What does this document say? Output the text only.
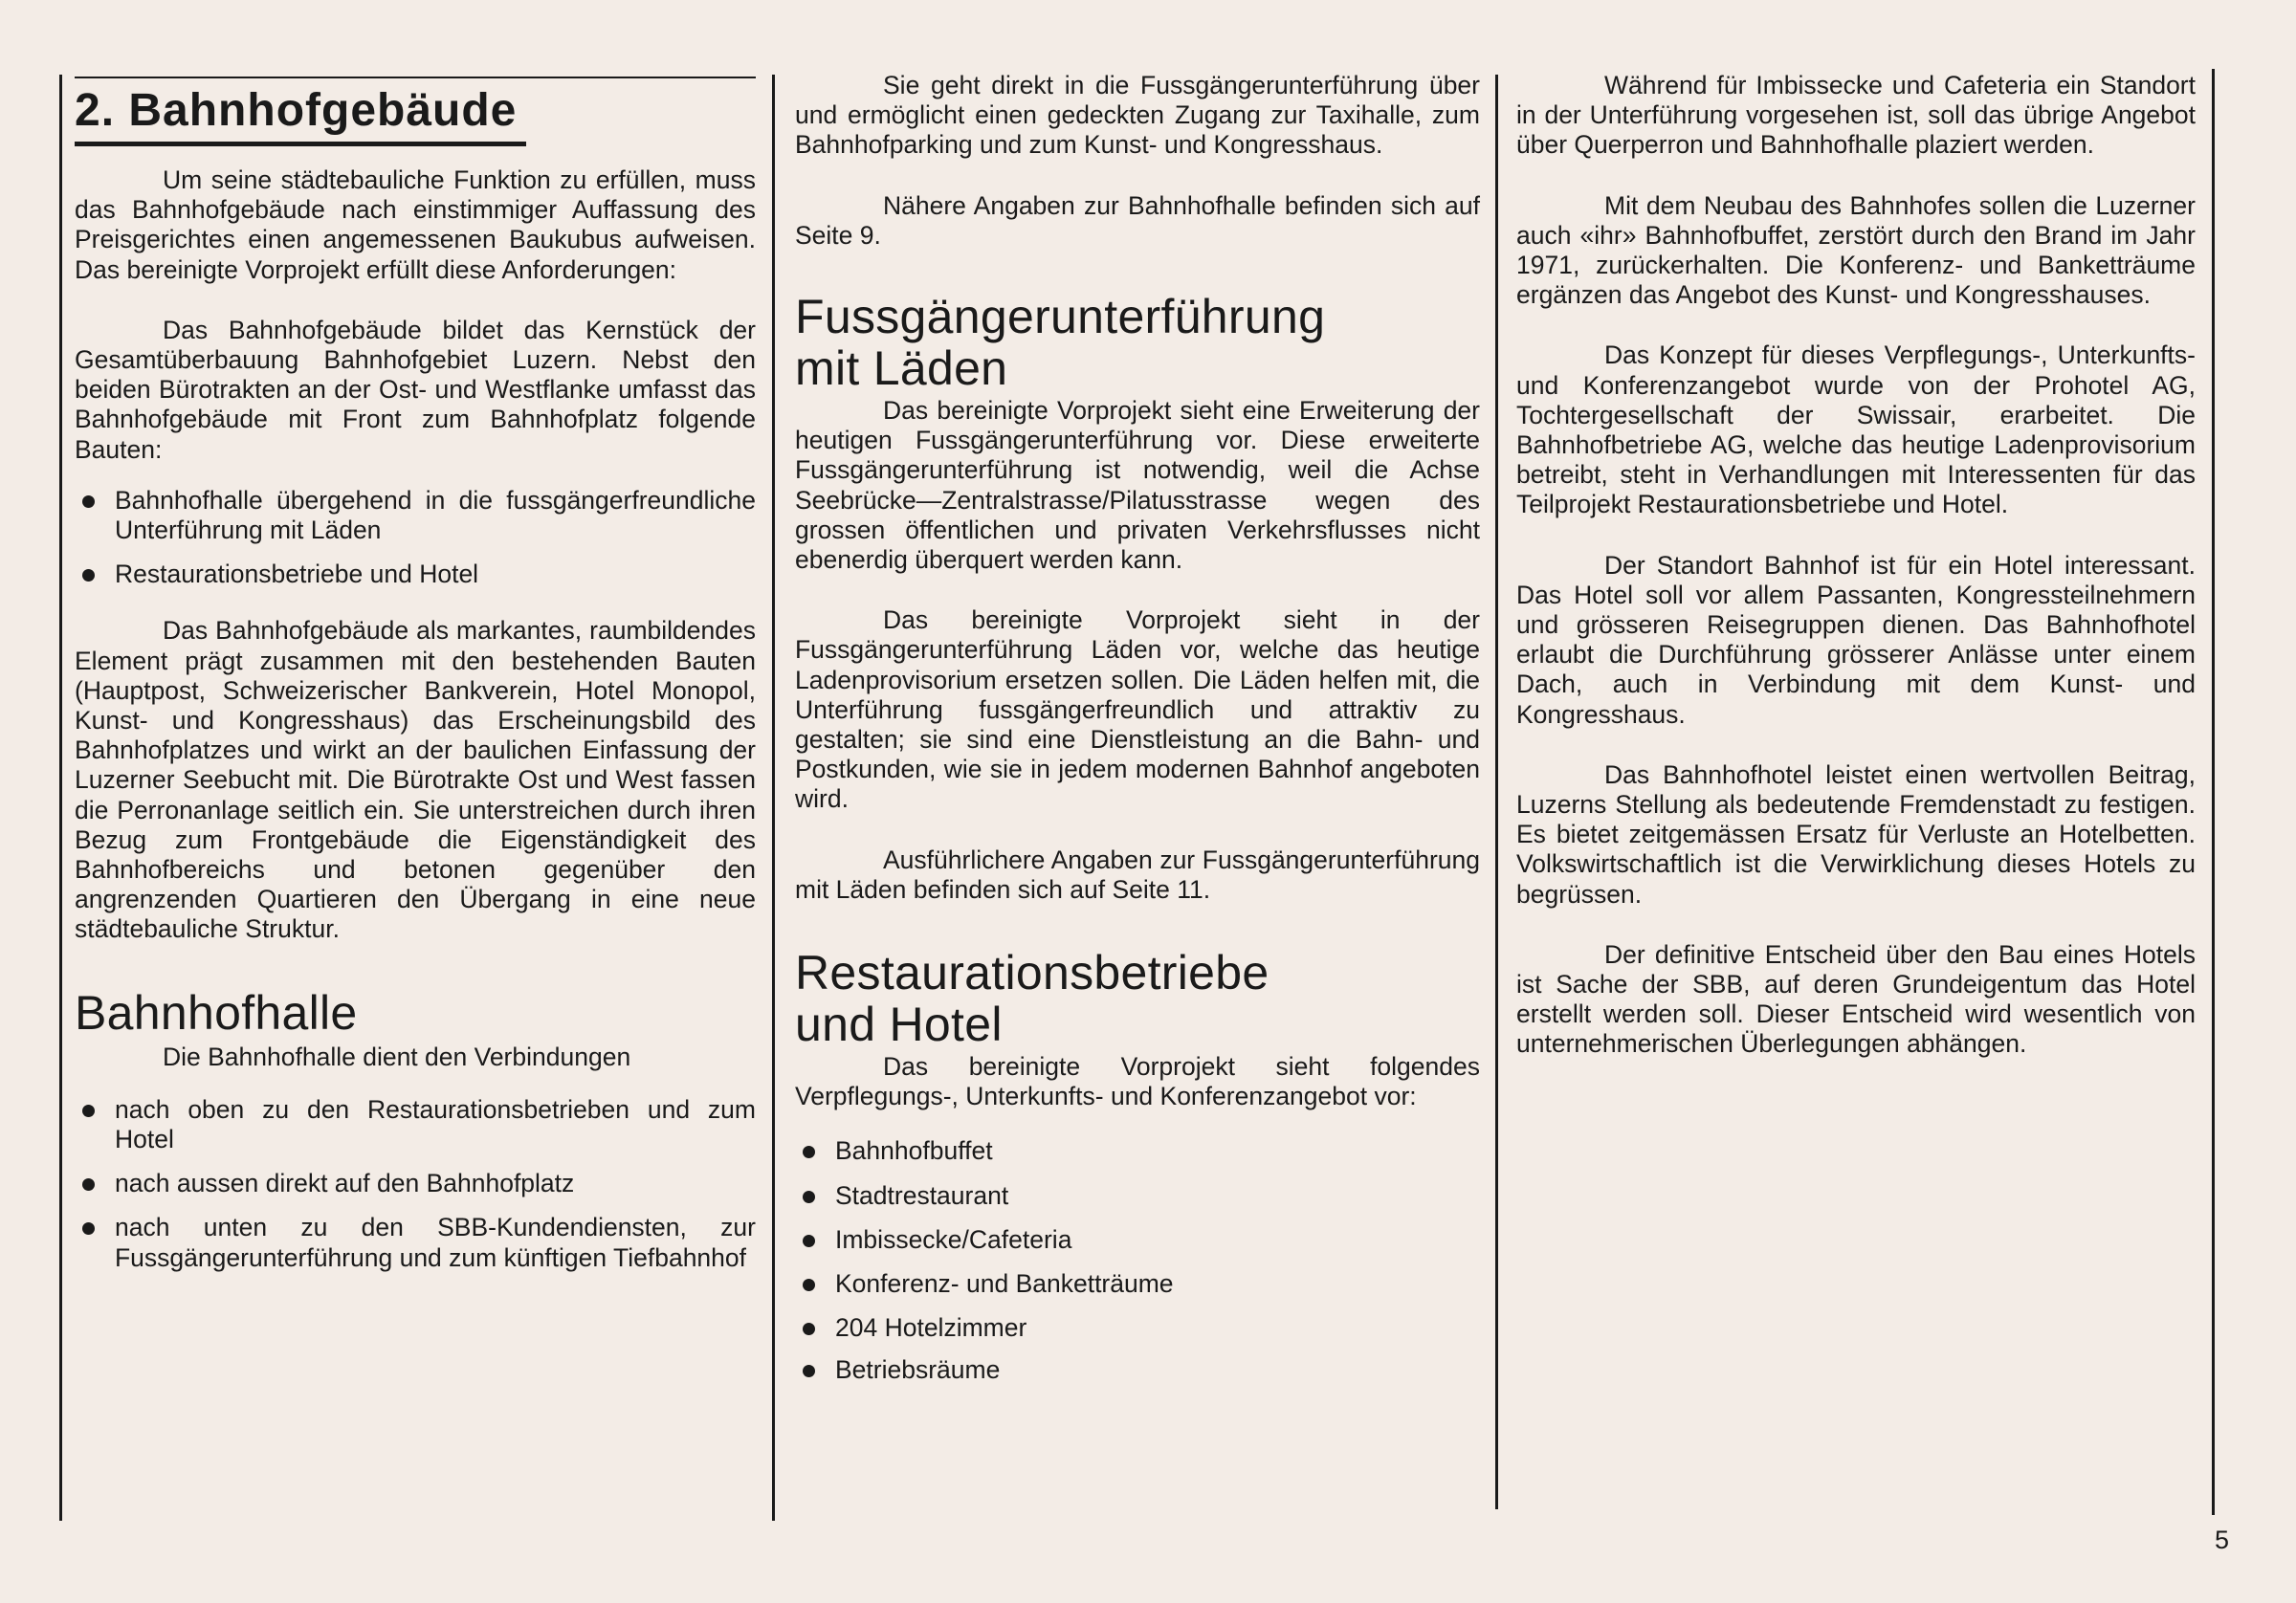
2. Bahnhofgebäude

Um seine städtebauliche Funktion zu erfüllen, muss das Bahnhofgebäude nach einstimmiger Auffassung des Preisgerichtes einen angemessenen Baukubus aufweisen. Das bereinigte Vorprojekt erfüllt diese Anforderungen:

Das Bahnhofgebäude bildet das Kernstück der Gesamtüberbauung Bahnhofgebiet Luzern. Nebst den beiden Bürotrakten an der Ost- und Westflanke umfasst das Bahnhofgebäude mit Front zum Bahnhofplatz folgende Bauten:

Bahnhofhalle übergehend in die fussgängerfreundliche Unterführung mit Läden
Restaurationsbetriebe und Hotel

Das Bahnhofgebäude als markantes, raumbildendes Element prägt zusammen mit den bestehenden Bauten (Hauptpost, Schweizerischer Bankverein, Hotel Monopol, Kunst- und Kongresshaus) das Erscheinungsbild des Bahnhofplatzes und wirkt an der baulichen Einfassung der Luzerner Seebucht mit. Die Bürotrakte Ost und West fassen die Perronanlage seitlich ein. Sie unterstreichen durch ihren Bezug zum Frontgebäude die Eigenständigkeit des Bahnhofbereichs und betonen gegenüber den angrenzenden Quartieren den Übergang in eine neue städtebauliche Struktur.

Bahnhofhalle

Die Bahnhofhalle dient den Verbindungen

nach oben zu den Restaurationsbetrieben und zum Hotel
nach aussen direkt auf den Bahnhofplatz
nach unten zu den SBB-Kundendiensten, zur Fussgängerunterführung und zum künftigen Tiefbahnhof

Sie geht direkt in die Fussgängerunterführung über und ermöglicht einen gedeckten Zugang zur Taxihalle, zum Bahnhofparking und zum Kunst- und Kongresshaus.

Nähere Angaben zur Bahnhofhalle befinden sich auf Seite 9.

Fussgängerunterführung
mit Läden

Das bereinigte Vorprojekt sieht eine Erweiterung der heutigen Fussgängerunterführung vor. Diese erweiterte Fussgängerunterführung ist notwendig, weil die Achse Seebrücke—Zentralstrasse/Pilatusstrasse wegen des grossen öffentlichen und privaten Verkehrsflusses nicht ebenerdig überquert werden kann.

Das bereinigte Vorprojekt sieht in der Fussgängerunterführung Läden vor, welche das heutige Ladenprovisorium ersetzen sollen. Die Läden helfen mit, die Unterführung fussgängerfreundlich und attraktiv zu gestalten; sie sind eine Dienstleistung an die Bahn- und Postkunden, wie sie in jedem modernen Bahnhof angeboten wird.

Ausführlichere Angaben zur Fussgängerunterführung mit Läden befinden sich auf Seite 11.

Restaurationsbetriebe
und Hotel

Das bereinigte Vorprojekt sieht folgendes Verpflegungs-, Unterkunfts- und Konferenzangebot vor:

Bahnhofbuffet
Stadtrestaurant
Imbissecke/Cafeteria
Konferenz- und Banketträume
204 Hotelzimmer
Betriebsräume

Während für Imbissecke und Cafeteria ein Standort in der Unterführung vorgesehen ist, soll das übrige Angebot über Querperron und Bahnhofhalle plaziert werden.

Mit dem Neubau des Bahnhofes sollen die Luzerner auch «ihr» Bahnhofbuffet, zerstört durch den Brand im Jahr 1971, zurückerhalten. Die Konferenz- und Banketträume ergänzen das Angebot des Kunst- und Kongresshauses.

Das Konzept für dieses Verpflegungs-, Unterkunfts- und Konferenzangebot wurde von der Prohotel AG, Tochtergesellschaft der Swissair, erarbeitet. Die Bahnhofbetriebe AG, welche das heutige Ladenprovisorium betreibt, steht in Verhandlungen mit Interessenten für das Teilprojekt Restaurationsbetriebe und Hotel.

Der Standort Bahnhof ist für ein Hotel interessant. Das Hotel soll vor allem Passanten, Kongressteilnehmern und grösseren Reisegruppen dienen. Das Bahnhofhotel erlaubt die Durchführung grösserer Anlässe unter einem Dach, auch in Verbindung mit dem Kunst- und Kongresshaus.

Das Bahnhofhotel leistet einen wertvollen Beitrag, Luzerns Stellung als bedeutende Fremdenstadt zu festigen. Es bietet zeitgemässen Ersatz für Verluste an Hotelbetten. Volkswirtschaftlich ist die Verwirklichung dieses Hotels zu begrüssen.

Der definitive Entscheid über den Bau eines Hotels ist Sache der SBB, auf deren Grundeigentum das Hotel erstellt werden soll. Dieser Entscheid wird wesentlich von unternehmerischen Überlegungen abhängen.

5
